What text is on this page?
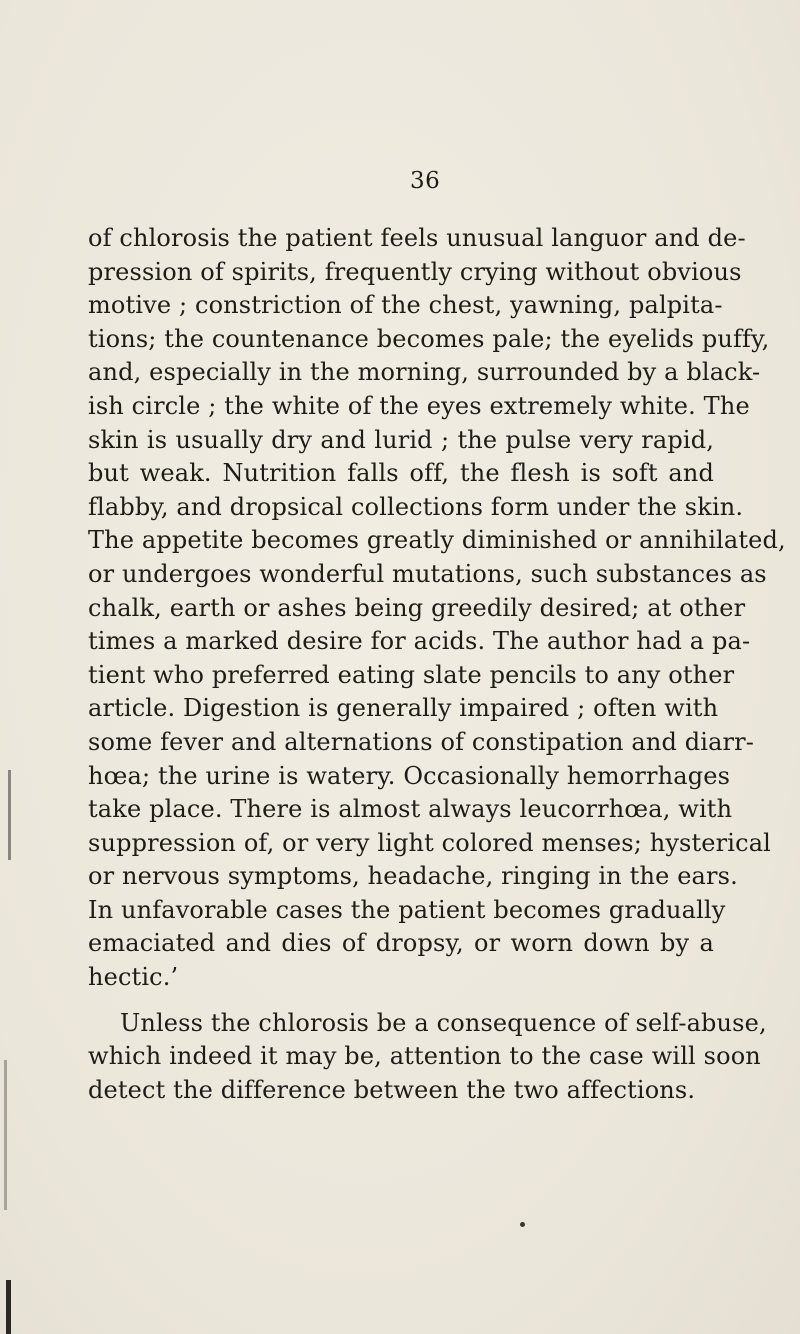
36
of chlorosis the patient feels unusual languor and de-
pression of spirits, frequently crying without obvious
motive ; constriction of the chest, yawning, palpita-
tions; the countenance becomes pale; the eyelids puffy,
and, especially in the morning, surrounded by a black-
ish circle ; the white of the eyes extremely white. The
skin is usually dry and lurid ; the pulse very rapid,
but weak. Nutrition falls off, the flesh is soft and
flabby, and dropsical collections form under the skin.
The appetite becomes greatly diminished or annihilated,
or undergoes wonderful mutations, such substances as
chalk, earth or ashes being greedily desired; at other
times a marked desire for acids. The author had a pa-
tient who preferred eating slate pencils to any other
article. Digestion is generally impaired ; often with
some fever and alternations of constipation and diarr-
hœa; the urine is watery. Occasionally hemorrhages
take place. There is almost always leucorrhœa, with
suppression of, or very light colored menses; hysterical
or nervous symptoms, headache, ringing in the ears.
In unfavorable cases the patient becomes gradually
emaciated and dies of dropsy, or worn down by a
hectic.’
Unless the chlorosis be a consequence of self-abuse,
which indeed it may be, attention to the case will soon
detect the difference between the two affections.
